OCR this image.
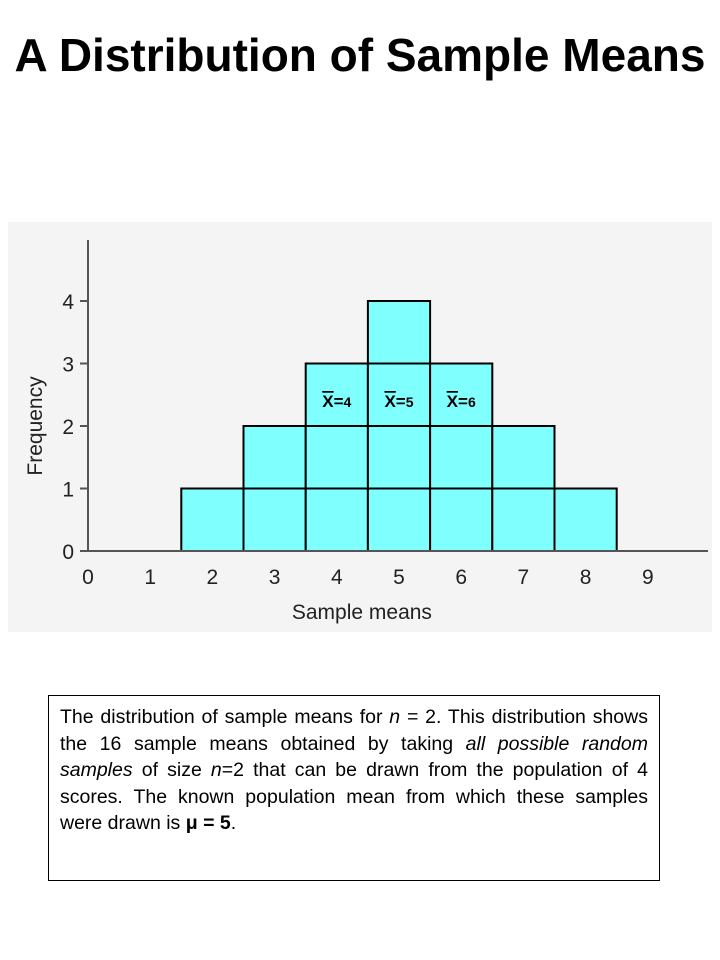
A Distribution of Sample Means
0
1
2
3
4
0 1 2 3 4 5 6 7 8 9
Sample means
Frequency	X=4 X=5 X=6
The distribution of sample means for n = 2. This distribution shows the 16 sample means obtained by taking all possible random samples of size n=2 that can be drawn from the population of 4 scores. The known population mean from which these samples were drawn is μ = 5.
